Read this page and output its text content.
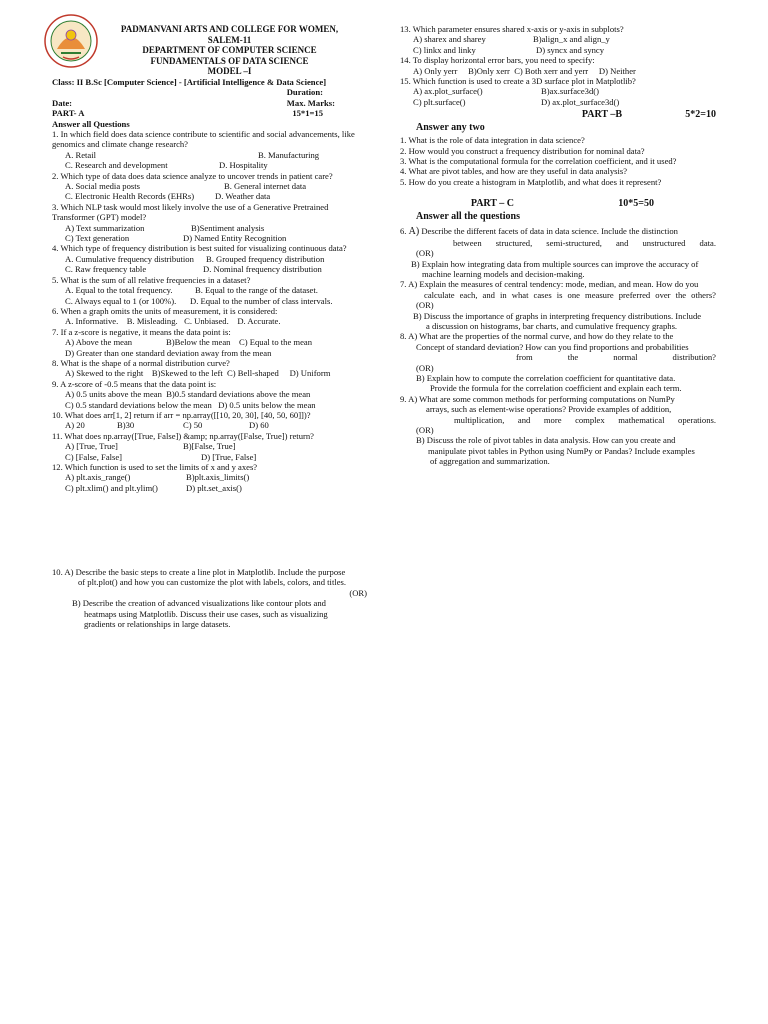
PADMANVANI ARTS AND COLLEGE FOR WOMEN,
SALEM-11
DEPARTMENT OF COMPUTER SCIENCE
FUNDAMENTALS OF DATA SCIENCE
MODEL –I
Class: II B.Sc [Computer Science] - [Artificial Intelligence & Data Science]
Duration:
Date:	Max. Marks:
PART- A	15*1=15
Answer all Questions
1. In which field does data science contribute to scientific and social advancements, like genomics and climate change research?
A. Retail	B. Manufacturing
C. Research and development	D. Hospitality
2. Which type of data does data science analyze to uncover trends in patient care?
A. Social media posts	B. General internet data
C. Electronic Health Records (EHRs)	D. Weather data
3. Which NLP task would most likely involve the use of a Generative Pretrained Transformer (GPT) model?
A) Text summarization	B)Sentiment analysis
C) Text generation	D) Named Entity Recognition
4. Which type of frequency distribution is best suited for visualizing continuous data?
A. Cumulative frequency distribution	B. Grouped frequency distribution
C. Raw frequency table	D. Nominal frequency distribution
5. What is the sum of all relative frequencies in a dataset?
A. Equal to the total frequency.	B. Equal to the range of the dataset.
C. Always equal to 1 (or 100%).	D. Equal to the number of class intervals.
6. When a graph omits the units of measurement, it is considered:
A. Informative.    B. Misleading.   C. Unbiased.    D. Accurate.
7. If a z-score is negative, it means the data point is:
A) Above the mean	B)Below the mean C) Equal to the mean
D) Greater than one standard deviation away from the mean
8. What is the shape of a normal distribution curve?
A) Skewed to the right    B)Skewed to the left  C) Bell-shaped     D) Uniform
9. A z-score of -0.5 means that the data point is:
A) 0.5 units above the mean  B)0.5 standard deviations above the mean
C) 0.5 standard deviations below the mean   D) 0.5 units below the mean
10. What does arr[1, 2] return if arr = np.array([[10, 20, 30], [40, 50, 60]])?
A) 20	B)30	C) 50	D) 60
11. What does np.array([True, False]) &amp; np.array([False, True]) return?
A) [True, True]	B)[False, True]
C) [False, False]	D) [True, False]
12. Which function is used to set the limits of x and y axes?
A) plt.axis_range()	B)plt.axis_limits()
C) plt.xlim() and plt.ylim()	D) plt.set_axis()
10. A) Describe the basic steps to create a line plot in Matplotlib. Include the purpose
of plt.plot() and how you can customize the plot with labels, colors, and titles.
(OR)
B) Describe the creation of advanced visualizations like contour plots and
heatmaps using Matplotlib. Discuss their use cases, such as visualizing
gradients or relationships in large datasets.
13. Which parameter ensures shared x-axis or y-axis in subplots?
A) sharex and sharey	B)align_x and align_y
C) linkx and linky	D) syncx and syncy
14. To display horizontal error bars, you need to specify:
A) Only yerr     B)Only xerr  C) Both xerr and yerr     D) Neither
15. Which function is used to create a 3D surface plot in Matplotlib?
A) ax.plot_surface()	B)ax.surface3d()
C) plt.surface()	D) ax.plot_surface3d()
PART –B	5*2=10
Answer any two
1. What is the role of data integration in data science?
2. How would you construct a frequency distribution for nominal data?
3. What is the computational formula for the correlation coefficient, and it used?
4. What are pivot tables, and how are they useful in data analysis?
5. How do you create a histogram in Matplotlib, and what does it represent?
PART – C	10*5=50
Answer all the questions
6. A) Describe the different facets of data in data science. Include the distinction
between structured, semi-structured, and unstructured data.
(OR)
B) Explain how integrating data from multiple sources can improve the accuracy of
machine learning models and decision-making.
7. A) Explain the measures of central tendency: mode, median, and mean. How do you
calculate each, and in what cases is one measure preferred over the others?
(OR)
B) Discuss the importance of graphs in interpreting frequency distributions. Include
a discussion on histograms, bar charts, and cumulative frequency graphs.
8. A) What are the properties of the normal curve, and how do they relate to the
Concept of standard deviation? How can you find proportions and probabilities
from the normal distribution?
(OR)
B) Explain how to compute the correlation coefficient for quantitative data.
Provide the formula for the correlation coefficient and explain each term.
9. A) What are some common methods for performing computations on NumPy
arrays, such as element-wise operations? Provide examples of addition,
multiplication, and more complex mathematical operations.
(OR)
B) Discuss the role of pivot tables in data analysis. How can you create and
manipulate pivot tables in Python using NumPy or Pandas? Include examples
of aggregation and summarization.
